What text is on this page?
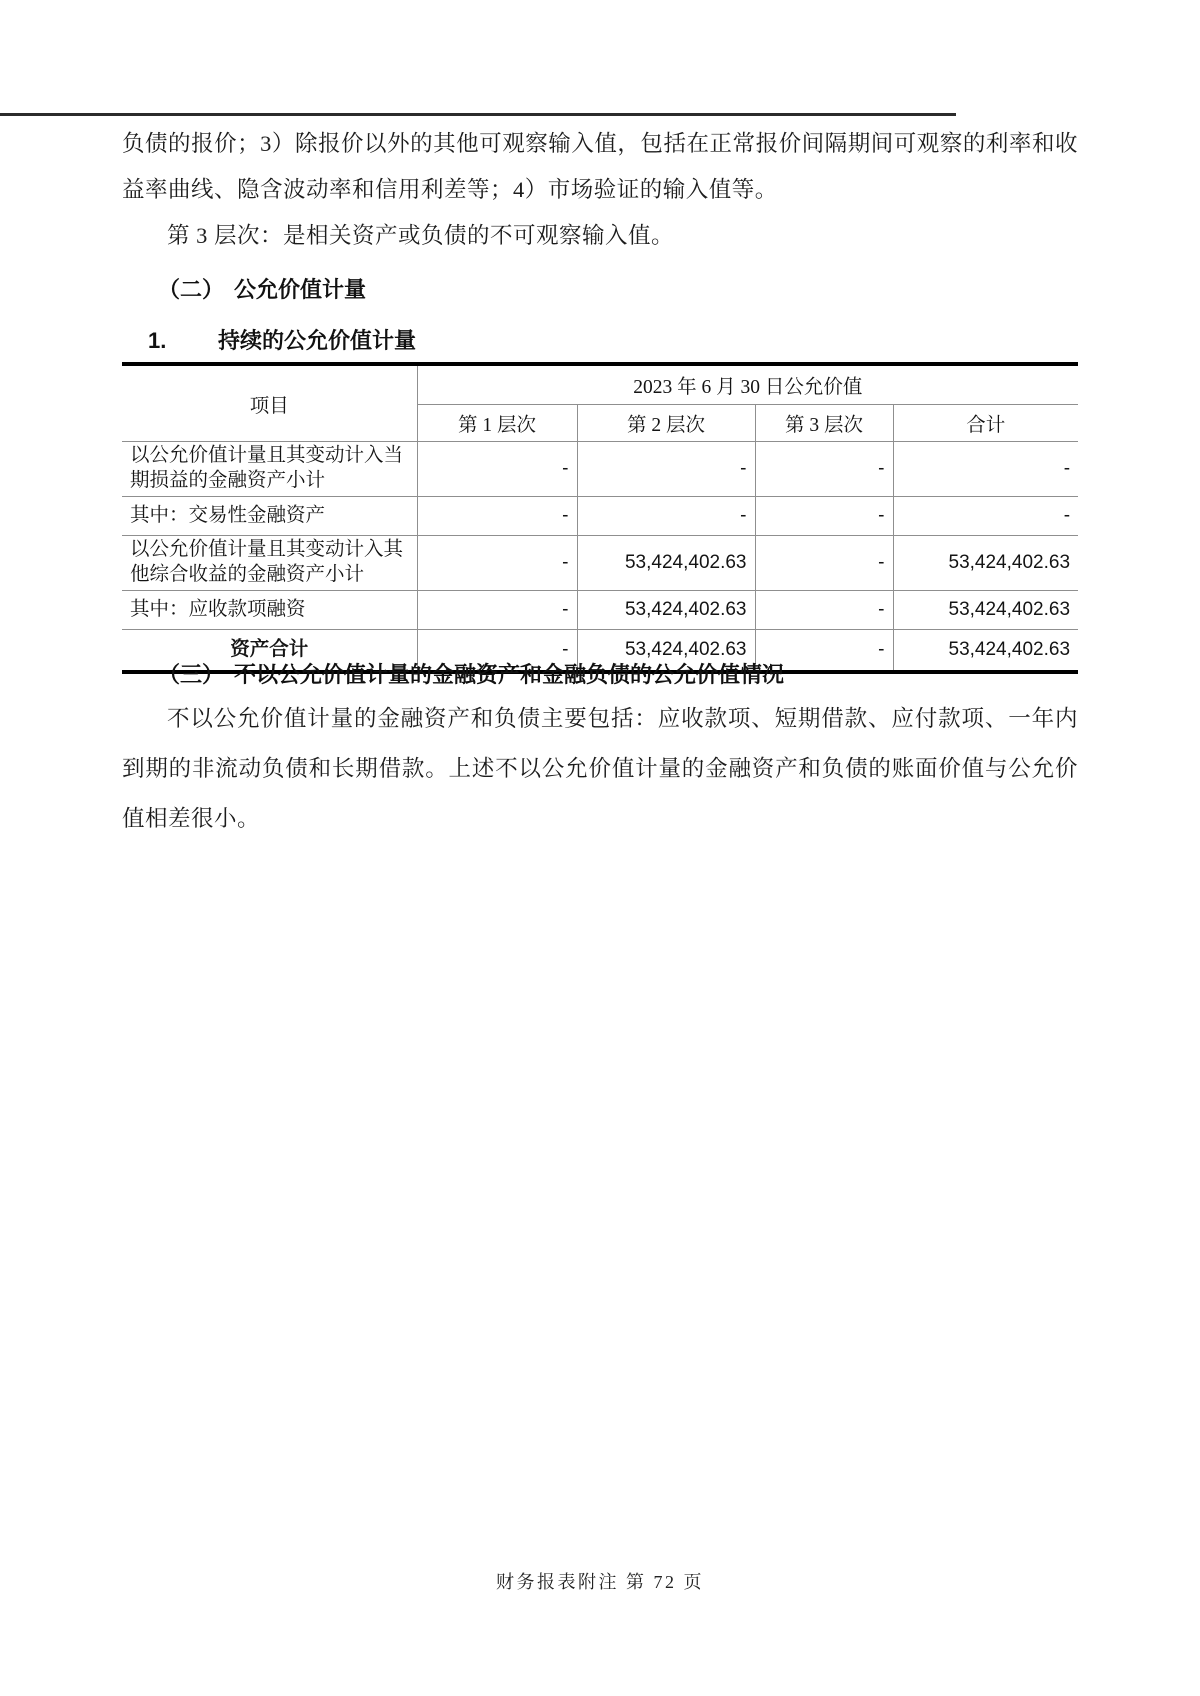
负债的报价；3）除报价以外的其他可观察输入值，包括在正常报价间隔期间可观察的利率和收益率曲线、隐含波动率和信用利差等；4）市场验证的输入值等。

第 3 层次：是相关资产或负债的不可观察输入值。

（二） 公允价值计量
1. 持续的公允价值计量
项目	2023 年 6 月 30 日公允价值			
	第 1 层次	第 2 层次	第 3 层次	合计
以公允价值计量且其变动计入当期损益的金融资产小计	-	-	-	-
其中：交易性金融资产	-	-	-	-
以公允价值计量且其变动计入其他综合收益的金融资产小计	-	53,424,402.63	-	53,424,402.63
其中：应收款项融资	-	53,424,402.63	-	53,424,402.63
资产合计	-	53,424,402.63	-	53,424,402.63
（三） 不以公允价值计量的金融资产和金融负债的公允价值情况

不以公允价值计量的金融资产和负债主要包括：应收款项、短期借款、应付款项、一年内到期的非流动负债和长期借款。上述不以公允价值计量的金融资产和负债的账面价值与公允价值相差很小。

财务报表附注 第 72 页
